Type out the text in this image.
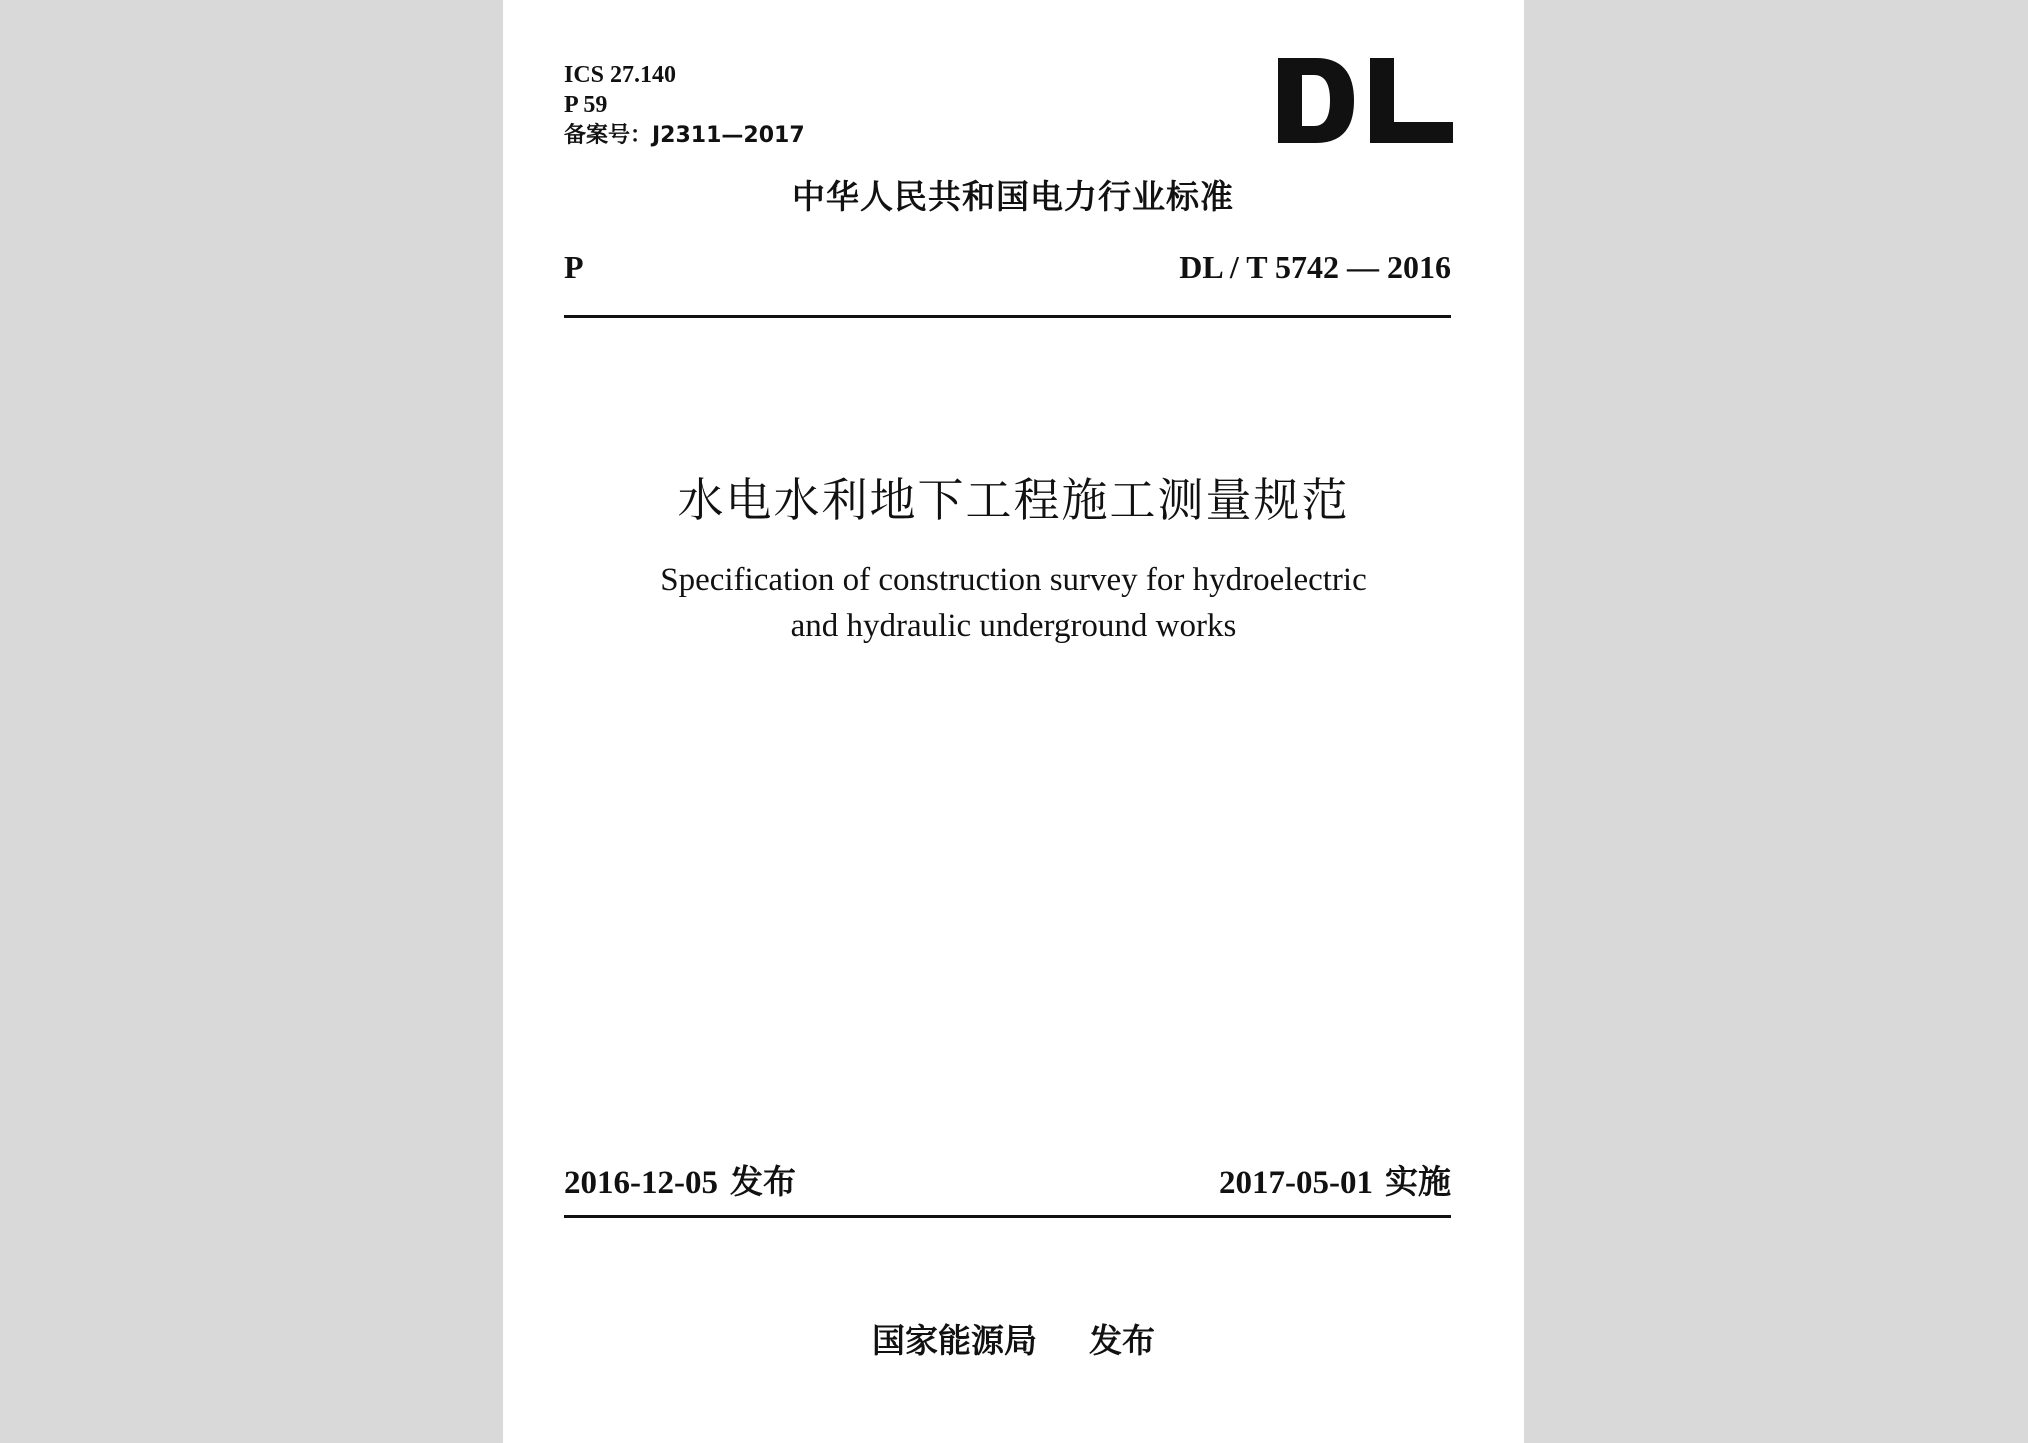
ICS 27.140
P 59
备案号：J2311—2017
中华人民共和国电力行业标准
P	DL / T 5742 — 2016
水电水利地下工程施工测量规范
Specification of construction survey for hydroelectric
and hydraulic underground works
2016-12-05 发布	2017-05-01 实施
国家能源局 发布
